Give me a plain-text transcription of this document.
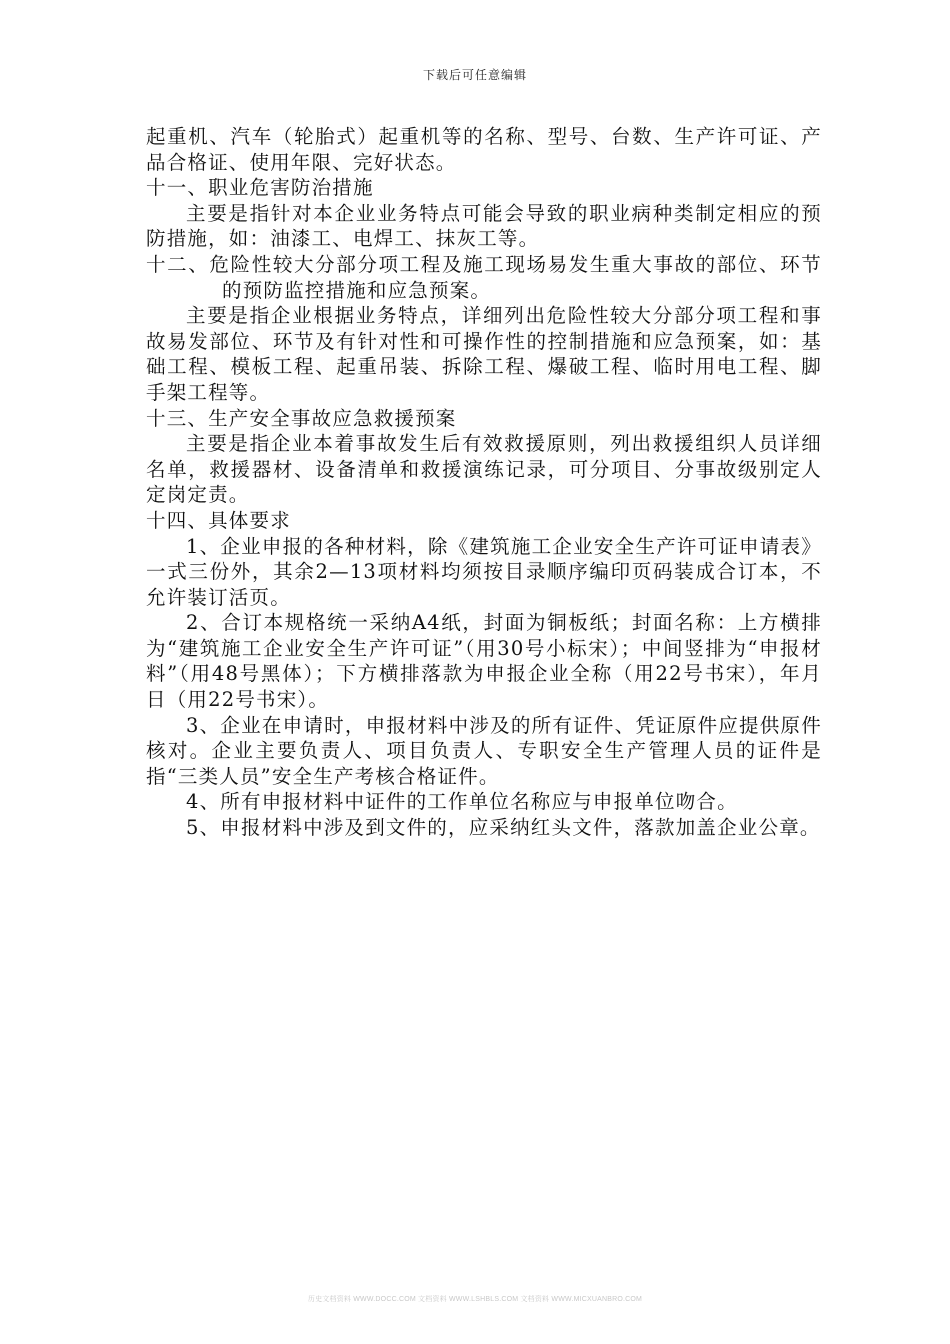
下载后可任意编辑

起重机、汽车（轮胎式）起重机等的名称、型号、台数、生产许可证、产品合格证、使用年限、完好状态。

十一、职业危害防治措施

主要是指针对本企业业务特点可能会导致的职业病种类制定相应的预防措施，如：油漆工、电焊工、抹灰工等。

十二、危险性较大分部分项工程及施工现场易发生重大事故的部位、环节的预防监控措施和应急预案。

主要是指企业根据业务特点，详细列出危险性较大分部分项工程和事故易发部位、环节及有针对性和可操作性的控制措施和应急预案，如：基础工程、模板工程、起重吊装、拆除工程、爆破工程、临时用电工程、脚手架工程等。

十三、生产安全事故应急救援预案

主要是指企业本着事故发生后有效救援原则，列出救援组织人员详细名单，救援器材、设备清单和救援演练记录，可分项目、分事故级别定人定岗定责。

十四、具体要求

1、企业申报的各种材料，除《建筑施工企业安全生产许可证申请表》一式三份外，其余2—13项材料均须按目录顺序编印页码装成合订本，不允许装订活页。

2、合订本规格统一采纳A4纸，封面为铜板纸；封面名称：上方横排为“建筑施工企业安全生产许可证”（用30号小标宋）；中间竖排为“申报材料”（用48号黑体）；下方横排落款为申报企业全称（用22号书宋），年月日（用22号书宋）。

3、企业在申请时，申报材料中涉及的所有证件、凭证原件应提供原件核对。企业主要负责人、项目负责人、专职安全生产管理人员的证件是指“三类人员”安全生产考核合格证件。

4、所有申报材料中证件的工作单位名称应与申报单位吻合。

5、申报材料中涉及到文件的，应采纳红头文件，落款加盖企业公章。

历史文档资料 WWW.DOCC.COM 文档资料 WWW.LSHBLS.COM 文档资料 WWW.MICXUANBRO.COM
